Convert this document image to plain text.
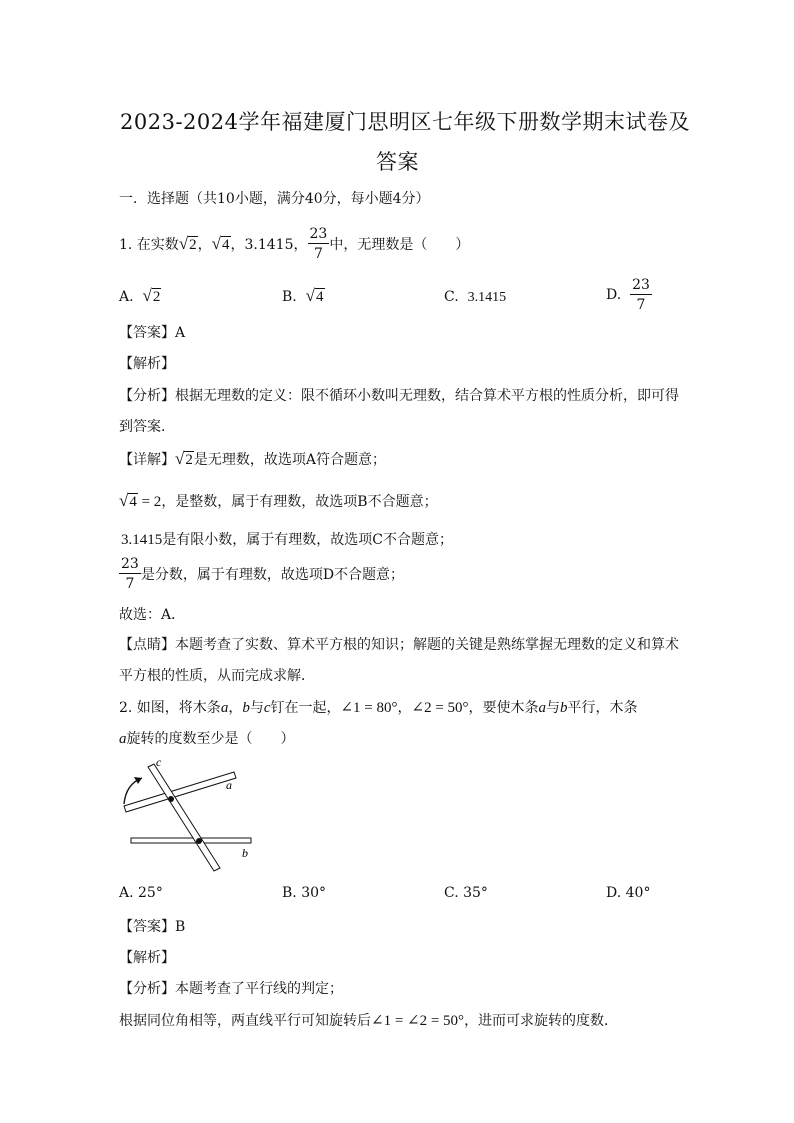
2023-2024学年福建厦门思明区七年级下册数学期末试卷及
答案
一．选择题（共10小题，满分40分，每小题4分）
1. 在实数 √2 ， √4 ，3.1415， $\frac{23}{7}$ 中，无理数是（　　）
A. √2	B. √4	C. 3.1415	D.
$\frac{23}{7}$
【答案】A
【解析】
【分析】根据无理数的定义：限不循环小数叫无理数，结合算术平方根的性质分析，即可得
到答案．
【详解】√2是无理数，故选项A符合题意；
√4 = 2，是整数，属于有理数，故选项B不合题意；
3.1415是有限小数，属于有理数，故选项C不合题意；
$\frac{23}{7}$ 是分数，属于有理数，故选项D不合题意；
故选：A．
【点睛】本题考查了实数、算术平方根的知识；解题的关键是熟练掌握无理数的定义和算术
平方根的性质，从而完成求解．
2. 如图，将木条a，b与c钉在一起，∠1 = 80°，∠2 = 50°，要使木条a与b平行，木条
a旋转的度数至少是（　　）
c
a
b
A. 25°	B. 30°	C. 35°	D. 40°
【答案】B
【解析】
【分析】本题考查了平行线的判定；
根据同位角相等，两直线平行可知旋转后∠1 = ∠2 = 50°，进而可求旋转的度数．
